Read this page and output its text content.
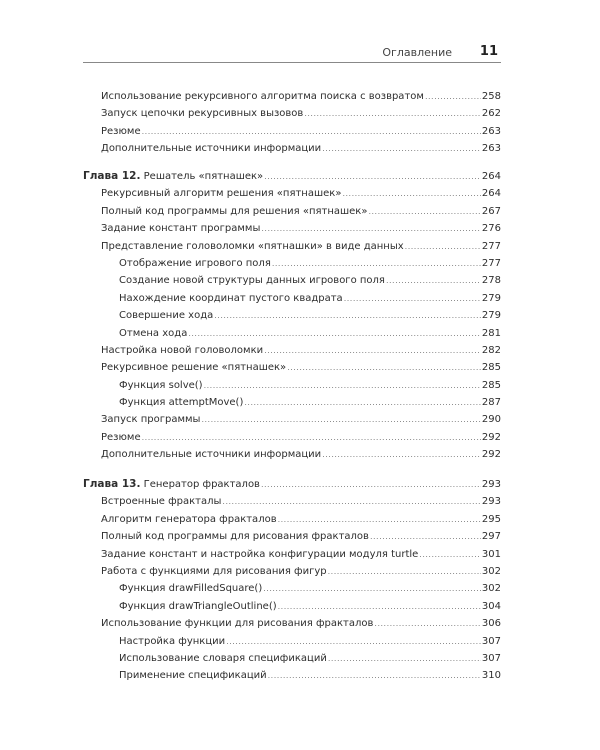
Оглавление 11
Использование рекурсивного алгоритма поиска с возвратом .....	258
Запуск цепочки рекурсивных вызовов .....	262
Резюме .....	263
Дополнительные источники информации .....	263
Глава 12. Решатель «пятнашек» .....	264
Рекурсивный алгоритм решения «пятнашек» .....	264
Полный код программы для решения «пятнашек» .....	267
Задание констант программы .....	276
Представление головоломки «пятнашки» в виде данных .....	277
Отображение игрового поля .....	277
Создание новой структуры данных игрового поля .....	278
Нахождение координат пустого квадрата .....	279
Совершение хода .....	279
Отмена хода .....	281
Настройка новой головоломки .....	282
Рекурсивное решение «пятнашек» .....	285
Функция solve() .....	285
Функция attemptMove() .....	287
Запуск программы .....	290
Резюме .....	292
Дополнительные источники информации .....	292
Глава 13. Генератор фракталов .....	293
Встроенные фракталы .....	293
Алгоритм генератора фракталов .....	295
Полный код программы для рисования фракталов .....	297
Задание констант и настройка конфигурации модуля turtle .....	301
Работа с функциями для рисования фигур .....	302
Функция drawFilledSquare() .....	302
Функция drawTriangleOutline() .....	304
Использование функции для рисования фракталов .....	306
Настройка функции .....	307
Использование словаря спецификаций .....	307
Применение спецификаций .....	310
